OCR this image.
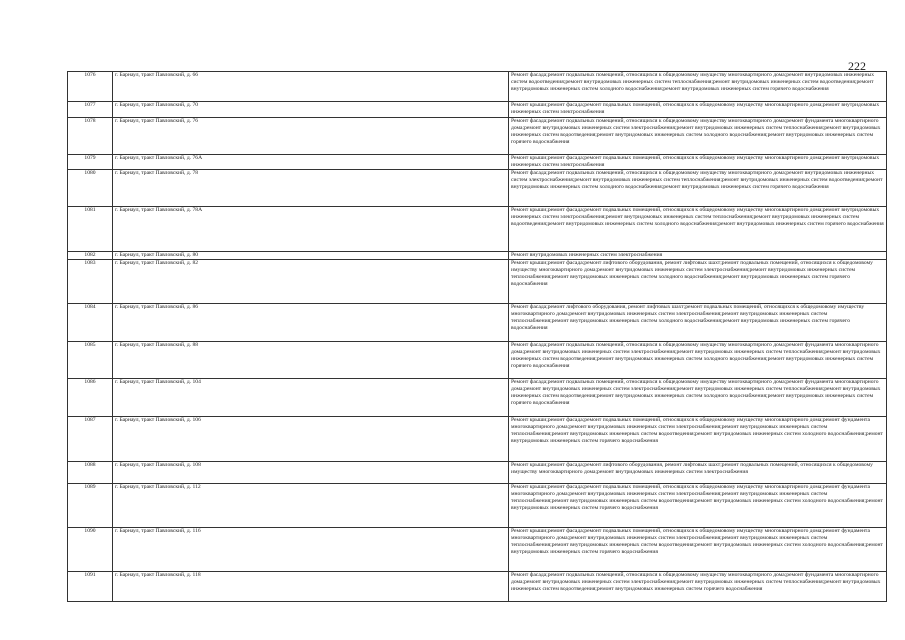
222
1076	г. Барнаул, тракт Павловский, д. 66	Ремонт фасада;ремонт подвальных помещений, относящихся к общедомовому имуществу многоквартирного дома;ремонт внутридомовых инженерных систем водоотведения;ремонт внутридомовых инженерных систем теплоснабжения;ремонт внутридомовых инженерных систем водоотведения;ремонт внутридомовых инженерных систем холодного водоснабжения;ремонт внутридомовых инженерных систем горячего водоснабжения
1077	г. Барнаул, тракт Павловский, д. 70	Ремонт крыши;ремонт фасада;ремонт подвальных помещений, относящихся к общедомовому имуществу многоквартирного дома;ремонт внутридомовых инженерных систем электроснабжения
1078	г. Барнаул, тракт Павловский, д. 76	Ремонт фасада;ремонт подвальных помещений, относящихся к общедомовому имуществу многоквартирного дома;ремонт фундамента многоквартирного дома;ремонт внутридомовых инженерных систем электроснабжения;ремонт внутридомовых инженерных систем теплоснабжения;ремонт внутридомовых инженерных систем водоотведения;ремонт внутридомовых инженерных систем холодного водоснабжения;ремонт внутридомовых инженерных систем горячего водоснабжения
1079	г. Барнаул, тракт Павловский, д. 76А	Ремонт крыши;ремонт фасада;ремонт подвальных помещений, относящихся к общедомовому имуществу многоквартирного дома;ремонт внутридомовых инженерных систем электроснабжения
1080	г. Барнаул, тракт Павловский, д. 78	Ремонт фасада;ремонт подвальных помещений, относящихся к общедомовому имуществу многоквартирного дома;ремонт внутридомовых инженерных систем электроснабжения;ремонт внутридомовых инженерных систем теплоснабжения;ремонт внутридомовых инженерных систем водоотведения;ремонт внутридомовых инженерных систем холодного водоснабжения;ремонт внутридомовых инженерных систем горячего водоснабжения
1081	г. Барнаул, тракт Павловский, д. 78А	Ремонт крыши;ремонт фасада;ремонт подвальных помещений, относящихся к общедомовому имуществу многоквартирного дома;ремонт внутридомовых инженерных систем электроснабжения;ремонт внутридомовых инженерных систем теплоснабжения;ремонт внутридомовых инженерных систем водоотведения;ремонт внутридомовых инженерных систем холодного водоснабжения;ремонт внутридомовых инженерных систем горячего водоснабжения
1082	г. Барнаул, тракт Павловский, д. 80	Ремонт внутридомовых инженерных систем электроснабжения
1083	г. Барнаул, тракт Павловский, д. 82	Ремонт крыши;ремонт фасада;ремонт лифтового оборудования, ремонт лифтовых шахт;ремонт подвальных помещений, относящихся к общедомовому имуществу многоквартирного дома;ремонт внутридомовых инженерных систем электроснабжения;ремонт внутридомовых инженерных систем теплоснабжения;ремонт внутридомовых инженерных систем холодного водоснабжения;ремонт внутридомовых инженерных систем горячего водоснабжения
1084	г. Барнаул, тракт Павловский, д. 86	Ремонт фасада;ремонт лифтового оборудования, ремонт лифтовых шахт;ремонт подвальных помещений, относящихся к общедомовому имуществу многоквартирного дома;ремонт внутридомовых инженерных систем электроснабжения;ремонт внутридомовых инженерных систем теплоснабжения;ремонт внутридомовых инженерных систем холодного водоснабжения;ремонт внутридомовых инженерных систем горячего водоснабжения
1085	г. Барнаул, тракт Павловский, д. 88	Ремонт фасада;ремонт подвальных помещений, относящихся к общедомовому имуществу многоквартирного дома;ремонт фундамента многоквартирного дома;ремонт внутридомовых инженерных систем электроснабжения;ремонт внутридомовых инженерных систем теплоснабжения;ремонт внутридомовых инженерных систем водоотведения;ремонт внутридомовых инженерных систем холодного водоснабжения;ремонт внутридомовых инженерных систем горячего водоснабжения
1086	г. Барнаул, тракт Павловский, д. 104	Ремонт фасада;ремонт подвальных помещений, относящихся к общедомовому имуществу многоквартирного дома;ремонт фундамента многоквартирного дома;ремонт внутридомовых инженерных систем электроснабжения;ремонт внутридомовых инженерных систем теплоснабжения;ремонт внутридомовых инженерных систем водоотведения;ремонт внутридомовых инженерных систем холодного водоснабжения;ремонт внутридомовых инженерных систем горячего водоснабжения
1087	г. Барнаул, тракт Павловский, д. 106	Ремонт крыши;ремонт фасада;ремонт подвальных помещений, относящихся к общедомовому имуществу многоквартирного дома;ремонт фундамента многоквартирного дома;ремонт внутридомовых инженерных систем электроснабжения;ремонт внутридомовых инженерных систем теплоснабжения;ремонт внутридомовых инженерных систем водоотведения;ремонт внутридомовых инженерных систем холодного водоснабжения;ремонт внутридомовых инженерных систем горячего водоснабжения
1088	г. Барнаул, тракт Павловский, д. 108	Ремонт крыши;ремонт фасада;ремонт лифтового оборудования, ремонт лифтовых шахт;ремонт подвальных помещений, относящихся к общедомовому имуществу многоквартирного дома;ремонт внутридомовых инженерных систем электроснабжения
1089	г. Барнаул, тракт Павловский, д. 112	Ремонт крыши;ремонт фасада;ремонт подвальных помещений, относящихся к общедомовому имуществу многоквартирного дома;ремонт фундамента многоквартирного дома;ремонт внутридомовых инженерных систем электроснабжения;ремонт внутридомовых инженерных систем теплоснабжения;ремонт внутридомовых инженерных систем водоотведения;ремонт внутридомовых инженерных систем холодного водоснабжения;ремонт внутридомовых инженерных систем горячего водоснабжения
1090	г. Барнаул, тракт Павловский, д. 116	Ремонт крыши;ремонт фасада;ремонт подвальных помещений, относящихся к общедомовому имуществу многоквартирного дома;ремонт фундамента многоквартирного дома;ремонт внутридомовых инженерных систем электроснабжения;ремонт внутридомовых инженерных систем теплоснабжения;ремонт внутридомовых инженерных систем водоотведения;ремонт внутридомовых инженерных систем холодного водоснабжения;ремонт внутридомовых инженерных систем горячего водоснабжения
1091	г. Барнаул, тракт Павловский, д. 118	Ремонт фасада;ремонт подвальных помещений, относящихся к общедомовому имуществу многоквартирного дома;ремонт фундамента многоквартирного дома;ремонт внутридомовых инженерных систем электроснабжения;ремонт внутридомовых инженерных систем теплоснабжения;ремонт внутридомовых инженерных систем водоотведения;ремонт внутридомовых инженерных систем горячего водоснабжения
